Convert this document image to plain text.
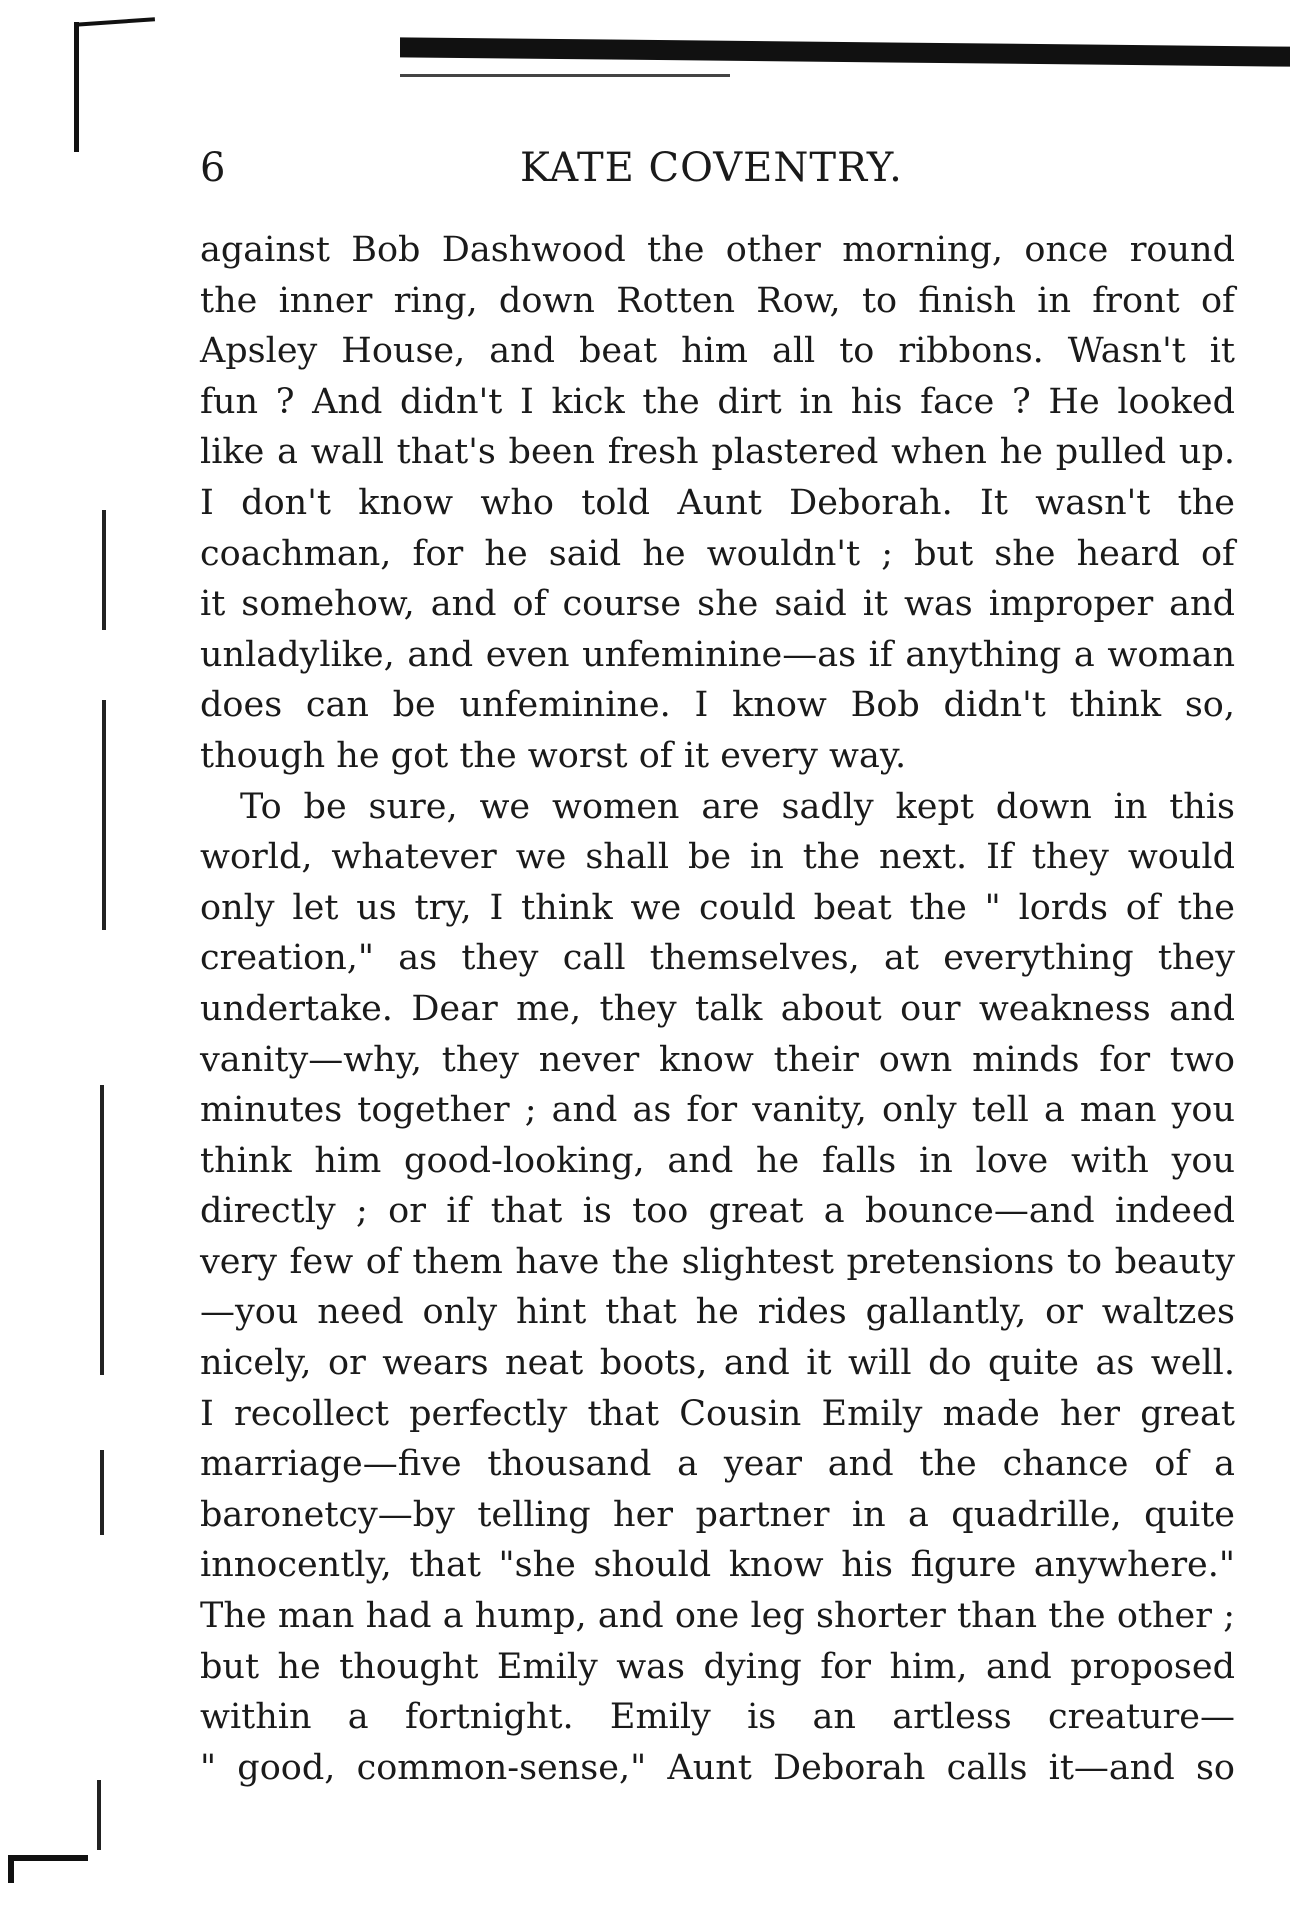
6	KATE COVENTRY.
against Bob Dashwood the other morning, once round
the inner ring, down Rotten Row, to finish in front of
Apsley House, and beat him all to ribbons. Wasn't it
fun ? And didn't I kick the dirt in his face ? He looked
like a wall that's been fresh plastered when he pulled up.
I don't know who told Aunt Deborah. It wasn't the
coachman, for he said he wouldn't ; but she heard of
it somehow, and of course she said it was improper and
unladylike, and even unfeminine—as if anything a woman
does can be unfeminine. I know Bob didn't think so,
though he got the worst of it every way.
To be sure, we women are sadly kept down in this
world, whatever we shall be in the next. If they would
only let us try, I think we could beat the " lords of the
creation," as they call themselves, at everything they
undertake. Dear me, they talk about our weakness and
vanity—why, they never know their own minds for two
minutes together ; and as for vanity, only tell a man you
think him good-looking, and he falls in love with you
directly ; or if that is too great a bounce—and indeed
very few of them have the slightest pretensions to beauty
—you need only hint that he rides gallantly, or waltzes
nicely, or wears neat boots, and it will do quite as well.
I recollect perfectly that Cousin Emily made her great
marriage—five thousand a year and the chance of a
baronetcy—by telling her partner in a quadrille, quite
innocently, that "she should know his figure anywhere."
The man had a hump, and one leg shorter than the other ;
but he thought Emily was dying for him, and proposed
within a fortnight. Emily is an artless creature—
" good, common-sense," Aunt Deborah calls it—and so
